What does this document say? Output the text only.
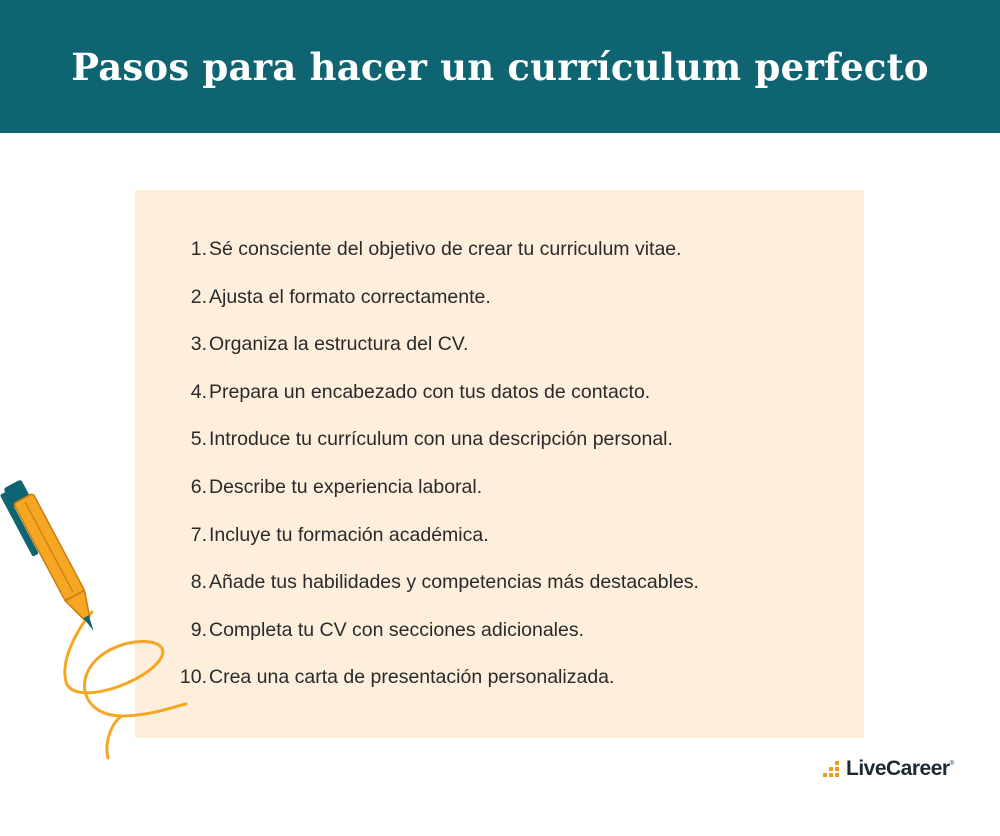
Pasos para hacer un currículum perfecto
1. Sé consciente del objetivo de crear tu curriculum vitae.
2. Ajusta el formato correctamente.
3. Organiza la estructura del CV.
4. Prepara un encabezado con tus datos de contacto.
5. Introduce tu currículum con una descripción personal.
6. Describe tu experiencia laboral.
7. Incluye tu formación académica.
8. Añade tus habilidades y competencias más destacables.
9. Completa tu CV con secciones adicionales.
10. Crea una carta de presentación personalizada.
LiveCareer ®
